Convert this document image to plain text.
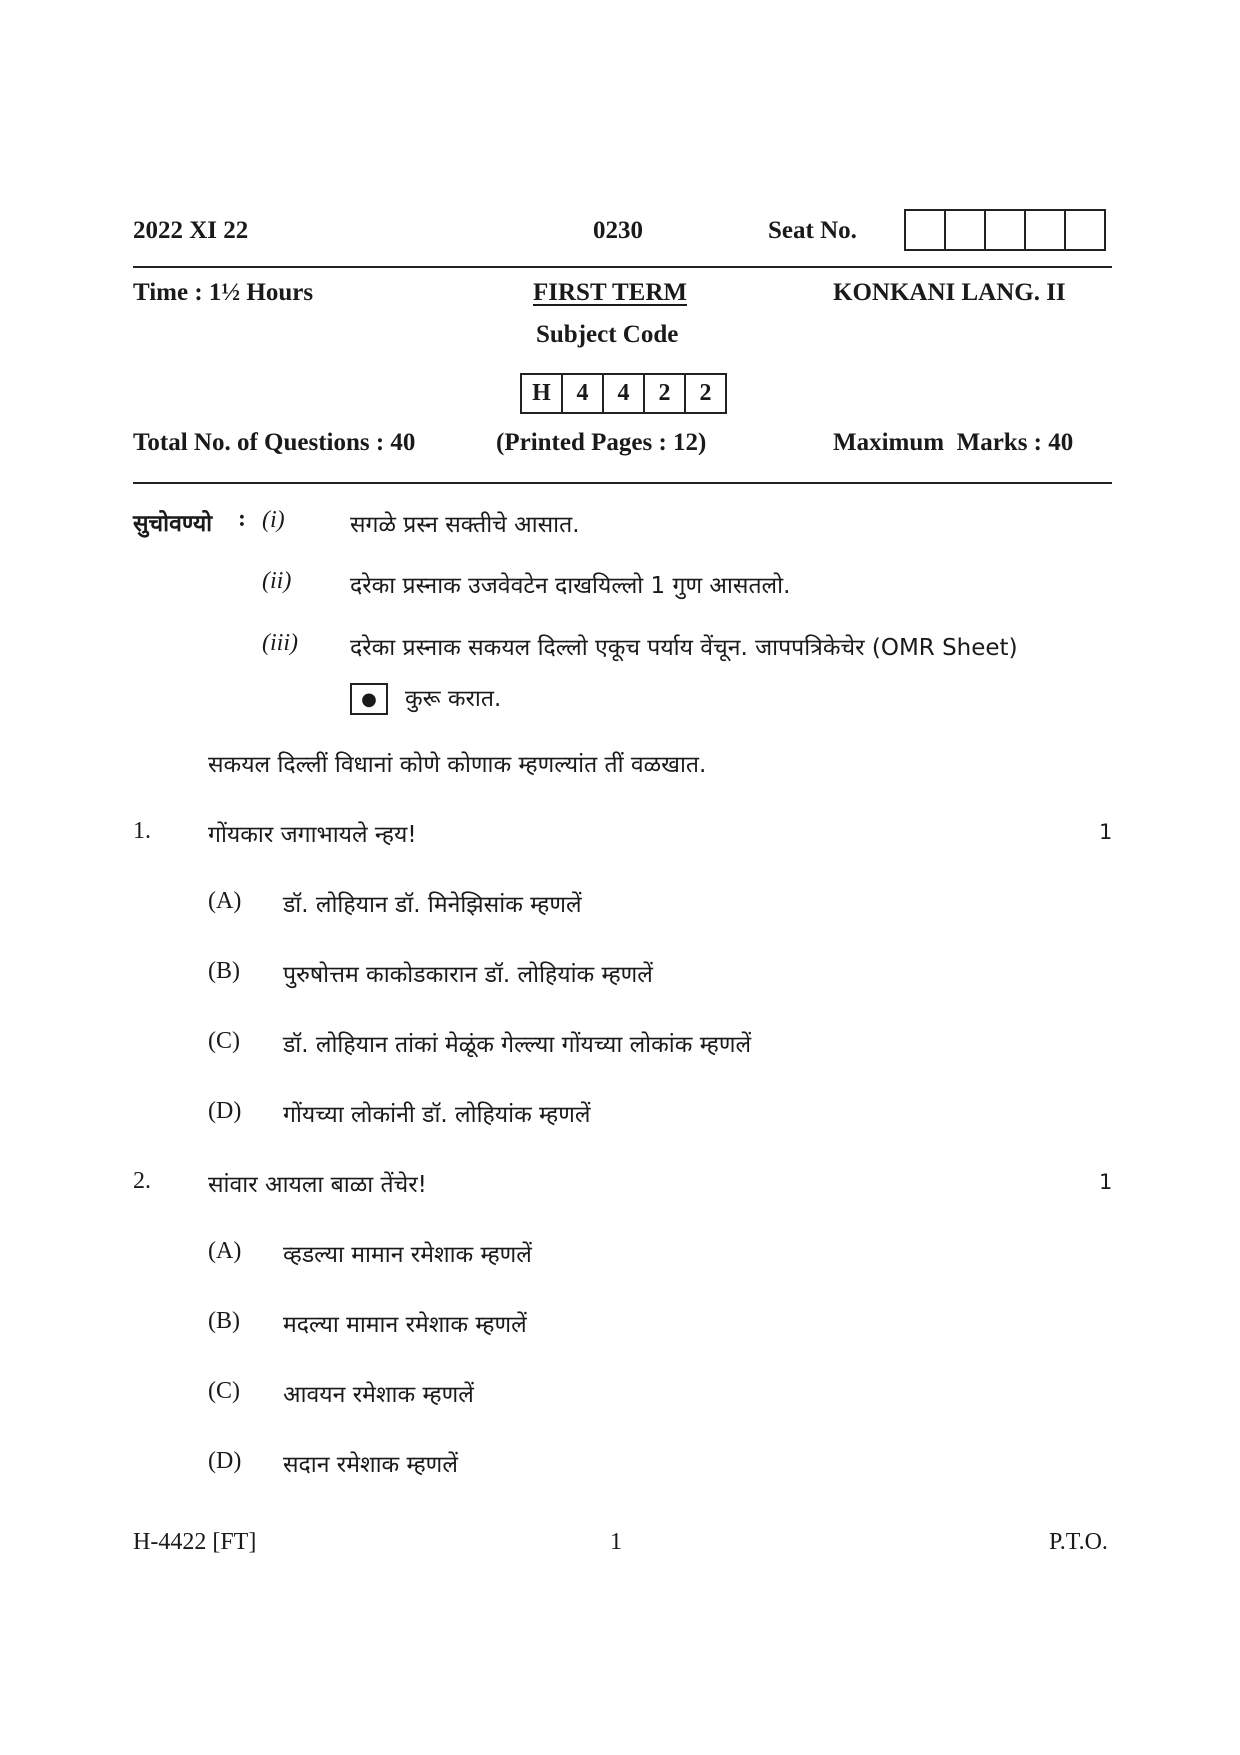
2022 XI 22	0230	Seat No.
Time : 1½ Hours	FIRST TERM	KONKANI LANG. II
Subject Code
H	4	4	2	2
Total No. of Questions : 40	(Printed Pages : 12)	Maximum  Marks : 40
सुचोवण्यो : (i)	सगळे प्रस्न सक्तीचे आसात.
(ii)	दरेका प्रस्नाक उजवेवटेन दाखयिल्लो 1 गुण आसतलो.
(iii) दरेका प्रस्नाक सकयल दिल्लो एकूच पर्याय वेंचून. जापपत्रिकेचेर (OMR Sheet)
● कुरू करात.
सकयल दिल्लीं विधानां कोणे कोणाक म्हणल्यांत तीं वळखात.
1. गोंयकार जगाभायले न्हय!	1
(A) डॉ. लोहियान डॉ. मिनेझिसांक म्हणलें
(B) पुरुषोत्तम काकोडकारान डॉ. लोहियांक म्हणलें
(C) डॉ. लोहियान तांकां मेळूंक गेल्ल्या गोंयच्या लोकांक म्हणलें
(D) गोंयच्या लोकांनी डॉ. लोहियांक म्हणलें
2. सांवार आयला बाळा तेंचेर!	1
(A) व्हडल्या मामान रमेशाक म्हणलें
(B) मदल्या मामान रमेशाक म्हणलें
(C) आवयन रमेशाक म्हणलें
(D) सदान रमेशाक म्हणलें
H-4422 [FT]	1	P.T.O.
